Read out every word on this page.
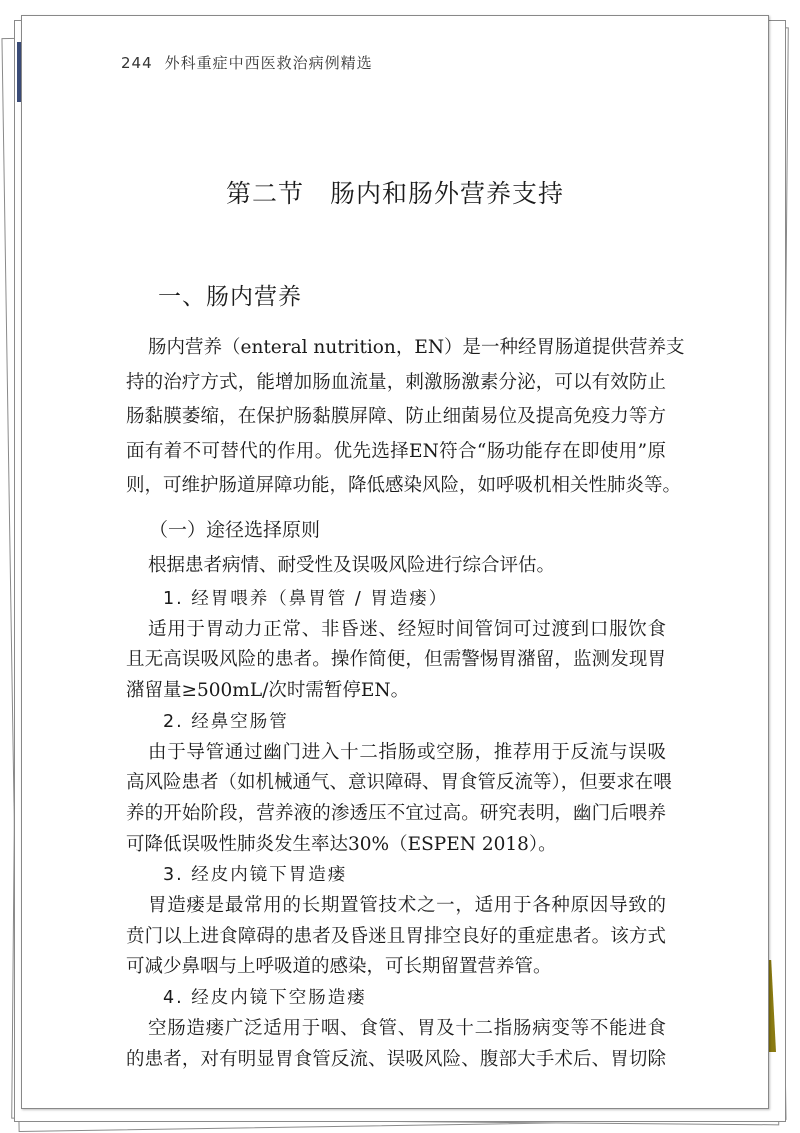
244 外科重症中西医救治病例精选
第二节 肠内和肠外营养支持
一、肠内营养
肠内营养（enteral nutrition，EN）是一种经胃肠道提供营养支
持的治疗方式，能增加肠血流量，刺激肠激素分泌，可以有效防止
肠黏膜萎缩，在保护肠黏膜屏障、防止细菌易位及提高免疫力等方
面有着不可替代的作用。优先选择EN符合“肠功能存在即使用”原
则，可维护肠道屏障功能，降低感染风险，如呼吸机相关性肺炎等。
（一）途径选择原则
根据患者病情、耐受性及误吸风险进行综合评估。
1. 经胃喂养（鼻胃管 / 胃造瘘）
适用于胃动力正常、非昏迷、经短时间管饲可过渡到口服饮食
且无高误吸风险的患者。操作简便，但需警惕胃潴留，监测发现胃
潴留量≥500mL/次时需暂停EN。
2. 经鼻空肠管
由于导管通过幽门进入十二指肠或空肠，推荐用于反流与误吸
高风险患者（如机械通气、意识障碍、胃食管反流等），但要求在喂
养的开始阶段，营养液的渗透压不宜过高。研究表明，幽门后喂养
可降低误吸性肺炎发生率达30%（ESPEN 2018）。
3. 经皮内镜下胃造瘘
胃造瘘是最常用的长期置管技术之一，适用于各种原因导致的
贲门以上进食障碍的患者及昏迷且胃排空良好的重症患者。该方式
可减少鼻咽与上呼吸道的感染，可长期留置营养管。
4. 经皮内镜下空肠造瘘
空肠造瘘广泛适用于咽、食管、胃及十二指肠病变等不能进食
的患者，对有明显胃食管反流、误吸风险、腹部大手术后、胃切除
